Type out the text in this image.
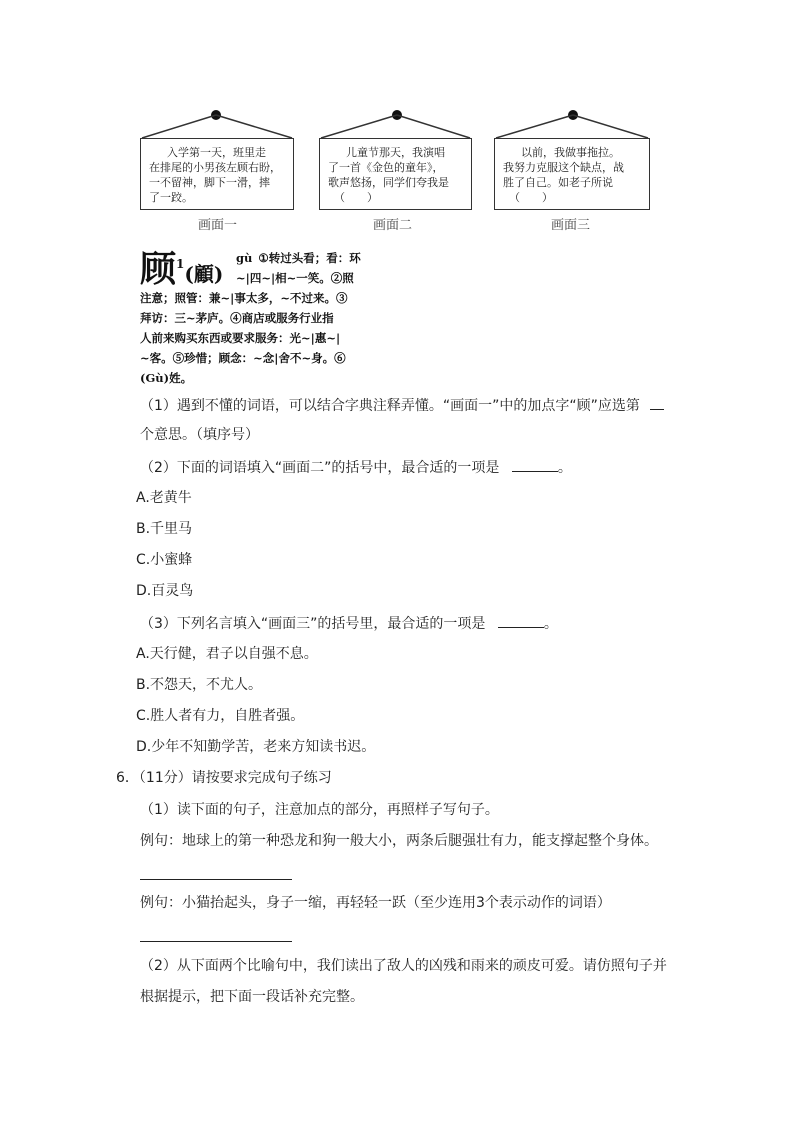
入学第一天，班里走
在排尾的小男孩左顾右盼，
一不留神，脚下一滑，摔
了一跤。
儿童节那天，我演唱
了一首《金色的童年》，
歌声悠扬，同学们夸我是
（　　）
以前，我做事拖拉。
我努力克服这个缺点，战
胜了自己。如老子所说
（　　）
画面一	画面二	画面三
顾$^1$(顧)
gù ①转过头看；看：环
~|四~|相~一笑。②照
注意；照管：兼~|事太多，~不过来。③
拜访：三~茅庐。④商店或服务行业指
人前来购买东西或要求服务：光~|惠~|
~客。⑤珍惜；顾念：~念|舍不~身。⑥
(Gù)姓。
（1）遇到不懂的词语，可以结合字典注释弄懂。“画面一”中的加点字“顾”应选第
个意思。（填序号）
（2）下面的词语填入“画面二”的括号中，最合适的一项是	。
A.老黄牛
B.千里马
C.小蜜蜂
D.百灵鸟
（3）下列名言填入“画面三”的括号里，最合适的一项是	。
A.天行健，君子以自强不息。
B.不怨天，不尤人。
C.胜人者有力，自胜者强。
D.少年不知勤学苦，老来方知读书迟。
6．（11分）请按要求完成句子练习
（1）读下面的句子，注意加点的部分，再照样子写句子。
例句：地球上的第一种恐龙和狗一般大小，两条后腿强壮有力，能支撑起整个身体。
例句：小猫抬起头，身子一缩，再轻轻一跃（至少连用3个表示动作的词语）
（2）从下面两个比喻句中，我们读出了敌人的凶残和雨来的顽皮可爱。请仿照句子并
根据提示，把下面一段话补充完整。
